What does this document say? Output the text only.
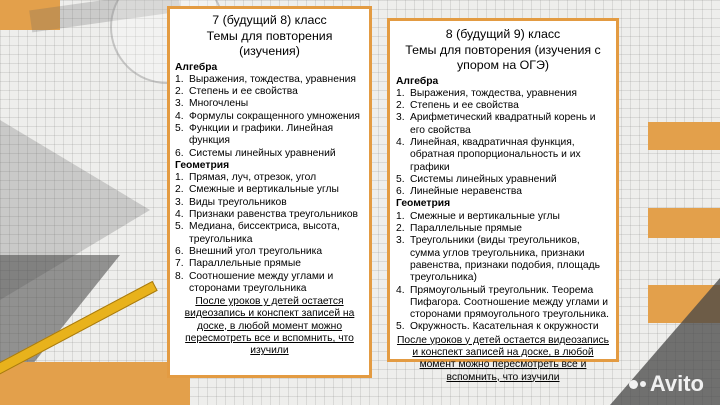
7 (будущий 8) класс
Темы для повторения
(изучения)
Алгебра
1. Выражения, тождества, уравнения
2. Степень и ее свойства
3. Многочлены
4. Формулы сокращенного умножения
5. Функции и графики. Линейная функция
6. Системы линейных уравнений
Геометрия
1. Прямая, луч, отрезок, угол
2. Смежные и вертикальные углы
3. Виды треугольников
4. Признаки равенства треугольников
5. Медиана, биссектриса, высота, треугольника
6. Внешний угол треугольника
7. Параллельные прямые
8. Соотношение между углами и сторонами треугольника
После уроков у детей остается видеозапись и конспект записей на доске, в любой момент можно пересмотреть все и вспомнить, что изучили
8 (будущий 9) класс
Темы для повторения (изучения с упором на ОГЭ)
Алгебра
1. Выражения, тождества, уравнения
2. Степень и ее свойства
3. Арифметический квадратный корень и его свойства
4. Линейная, квадратичная функция, обратная пропорциональность и их графики
5. Системы линейных уравнений
6. Линейные неравенства
Геометрия
1. Смежные и вертикальные углы
2. Параллельные прямые
3. Треугольники (виды треугольников, сумма углов треугольника, признаки равенства, признаки подобия, площадь треугольника)
4. Прямоугольный треугольник. Теорема Пифагора. Соотношение между углами и сторонами прямоугольного треугольника.
5. Окружность. Касательная к окружности
После уроков у детей остается видеозапись и конспект записей на доске, в любой момент можно пересмотреть все и вспомнить, что изучили	Avito
